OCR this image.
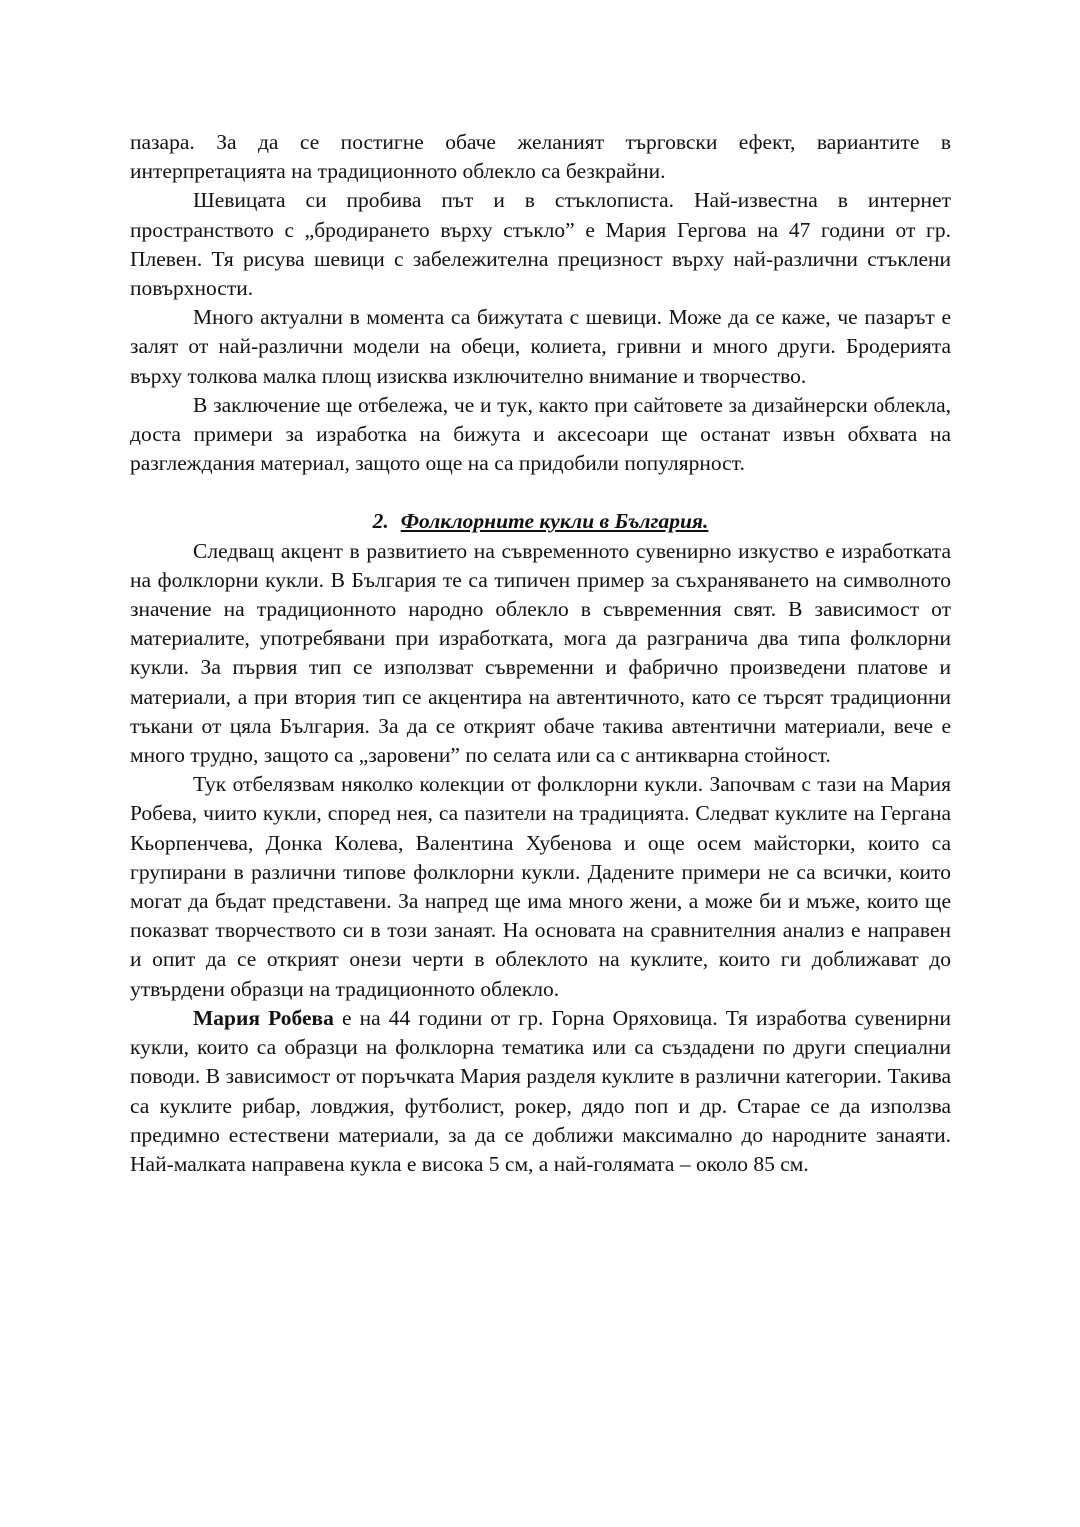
пазара. За да се постигне обаче желаният търговски ефект, вариантите в интерпретацията на традиционното облекло са безкрайни.

Шевицата си пробива път и в стъклописта. Най-известна в интернет пространството с „бродирането върху стъкло” е Мария Гергова на 47 години от гр. Плевен. Тя рисува шевици с забележителна прецизност върху най-различни стъклени повърхности.

Много актуални в момента са бижутата с шевици. Може да се каже, че пазарът е залят от най-различни модели на обеци, колиета, гривни и много други. Бродерията върху толкова малка площ изисква изключително внимание и творчество.

В заключение ще отбележа, че и тук, както при сайтовете за дизайнерски облекла, доста примери за изработка на бижута и аксесоари ще останат извън обхвата на разглеждания материал, защото още на са придобили популярност.

2. Фолклорните кукли в България.

Следващ акцент в развитието на съвременното сувенирно изкуство е изработката на фолклорни кукли. В България те са типичен пример за съхраняването на символното значение на традиционното народно облекло в съвременния свят. В зависимост от материалите, употребявани при изработката, мога да разгранича два типа фолклорни кукли. За първия тип се използват съвременни и фабрично произведени платове и материали, а при втория тип се акцентира на автентичното, като се търсят традиционни тъкани от цяла България. За да се открият обаче такива автентични материали, вече е много трудно, защото са „заровени” по селата или са с антикварна стойност.

Тук отбелязвам няколко колекции от фолклорни кукли. Започвам с тази на Мария Робева, чиито кукли, според нея, са пазители на традицията. Следват куклите на Гергана Кьорпенчева, Донка Колева, Валентина Хубенова и още осем майсторки, които са групирани в различни типове фолклорни кукли. Дадените примери не са всички, които могат да бъдат представени. За напред ще има много жени, а може би и мъже, които ще показват творчеството си в този занаят. На основата на сравнителния анализ е направен и опит да се открият онези черти в облеклото на куклите, които ги доближават до утвърдени образци на традиционното облекло.

Мария Робева е на 44 години от гр. Горна Оряховица. Тя изработва сувенирни кукли, които са образци на фолклорна тематика или са създадени по други специални поводи. В зависимост от поръчката Мария разделя куклите в различни категории. Такива са куклите рибар, ловджия, футболист, рокер, дядо поп и др. Старае се да използва предимно естествени материали, за да се доближи максимално до народните занаяти. Най-малката направена кукла е висока 5 см, а най-голямата – около 85 см.
